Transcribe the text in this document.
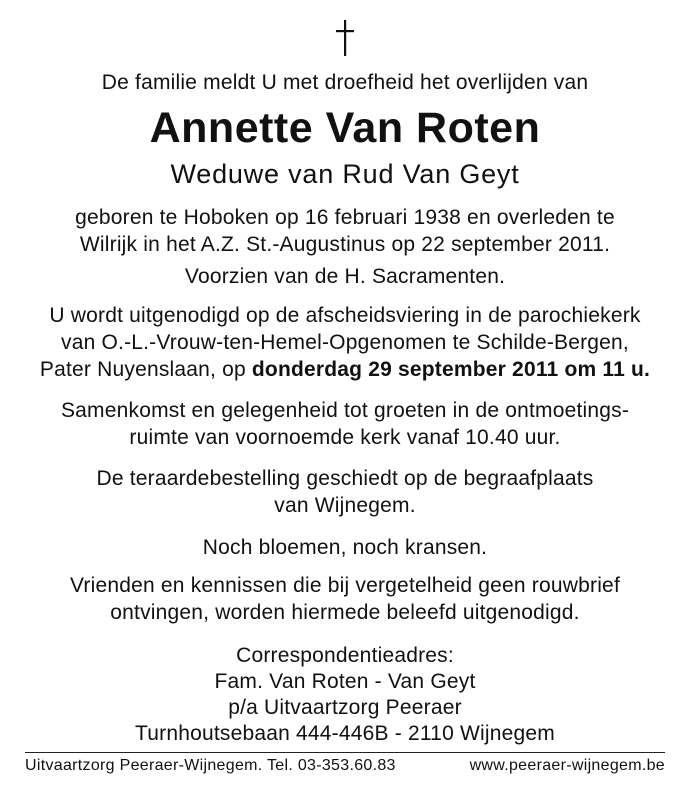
De familie meldt U met droefheid het overlijden van
Annette Van Roten
Weduwe van Rud Van Geyt
geboren te Hoboken op 16 februari 1938 en overleden te
Wilrijk in het A.Z. St.-Augustinus op 22 september 2011.
Voorzien van de H. Sacramenten.
U wordt uitgenodigd op de afscheidsviering in de parochiekerk
van O.-L.-Vrouw-ten-Hemel-Opgenomen te Schilde-Bergen,
Pater Nuyenslaan, op donderdag 29 september 2011 om 11 u.
Samenkomst en gelegenheid tot groeten in de ontmoetings-
ruimte van voornoemde kerk vanaf 10.40 uur.
De teraardebestelling geschiedt op de begraafplaats
van Wijnegem.
Noch bloemen, noch kransen.
Vrienden en kennissen die bij vergetelheid geen rouwbrief
ontvingen, worden hiermede beleefd uitgenodigd.
Correspondentieadres:
Fam. Van Roten - Van Geyt
p/a Uitvaartzorg Peeraer
Turnhoutsebaan 444-446B - 2110 Wijnegem
Uitvaartzorg Peeraer-Wijnegem. Tel. 03-353.60.83	www.peeraer-wijnegem.be
